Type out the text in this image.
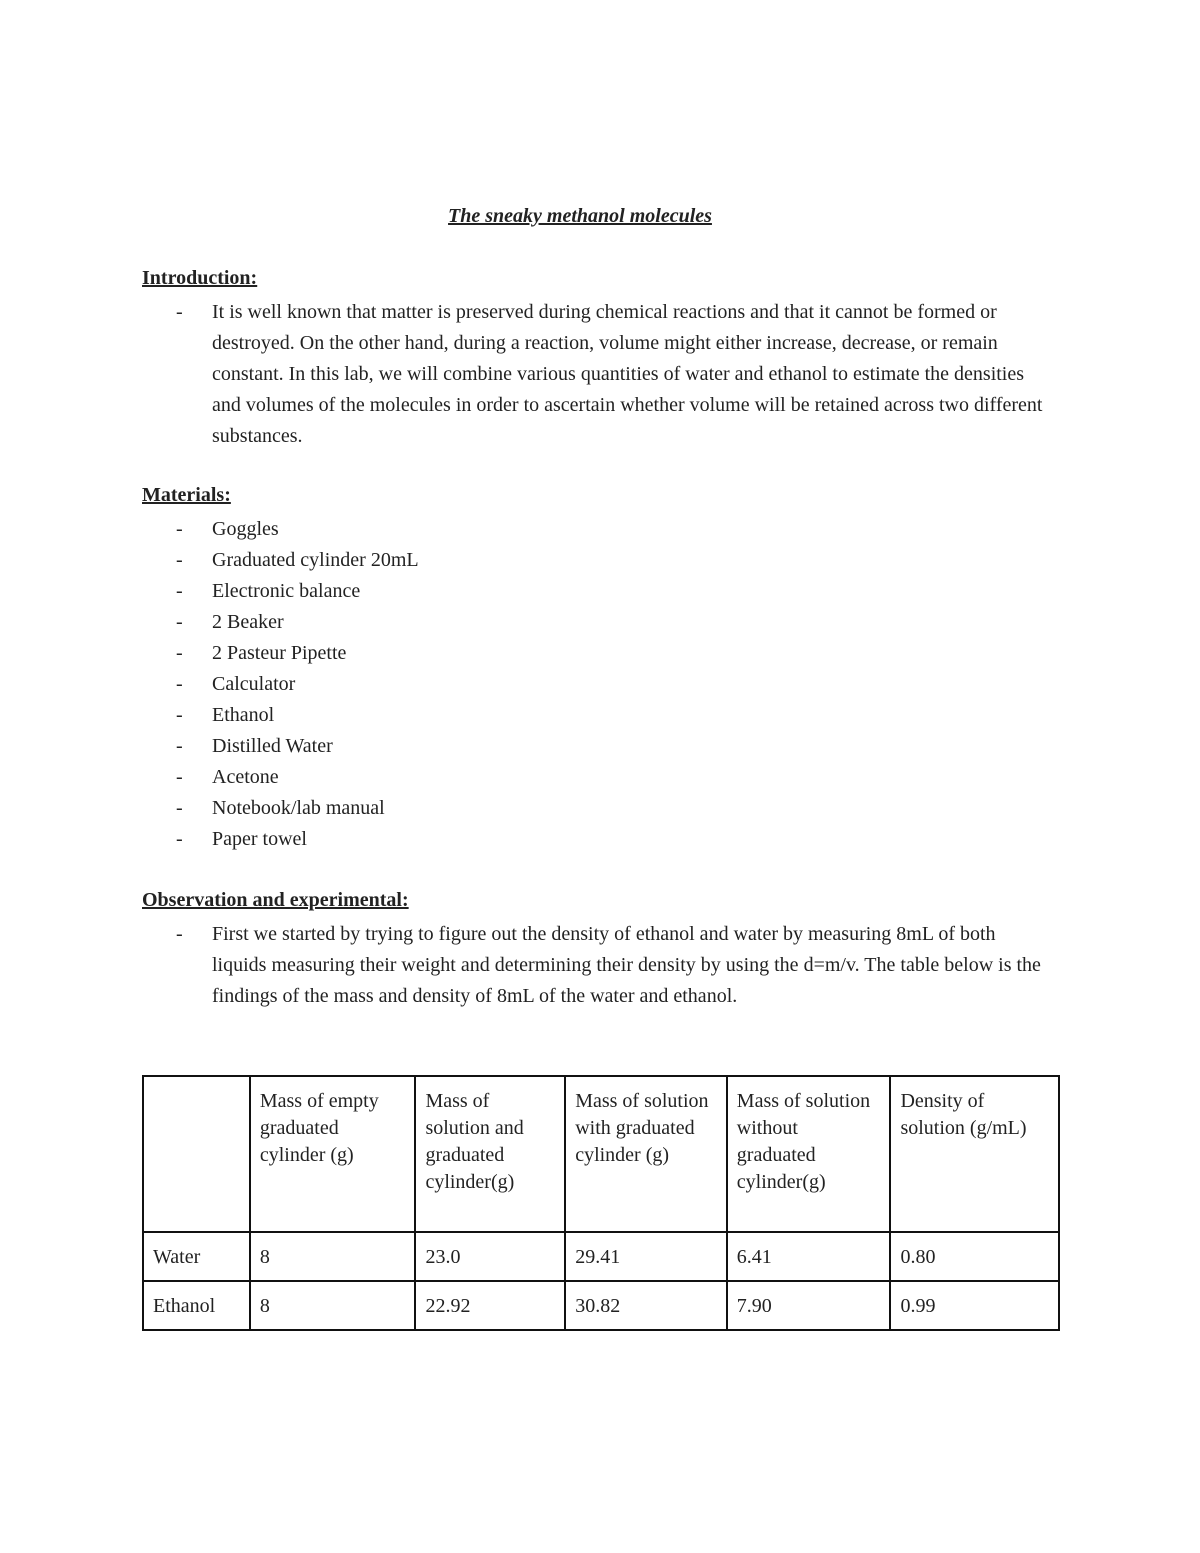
The sneaky methanol molecules
Introduction:
- It is well known that matter is preserved during chemical reactions and that it cannot be formed or destroyed. On the other hand, during a reaction, volume might either increase, decrease, or remain constant. In this lab, we will combine various quantities of water and ethanol to estimate the densities and volumes of the molecules in order to ascertain whether volume will be retained across two different substances.
Materials:
- Goggles
- Graduated cylinder 20mL
- Electronic balance
- 2 Beaker
- 2 Pasteur Pipette
- Calculator
- Ethanol
- Distilled Water
- Acetone
- Notebook/lab manual
- Paper towel
Observation and experimental:
- First we started by trying to figure out the density of ethanol and water by measuring 8mL of both liquids measuring their weight and determining their density by using the d=m/v. The table below is the findings of the mass and density of 8mL of the water and ethanol.
	Mass of empty graduated cylinder (g)	Mass of solution and graduated cylinder(g)	Mass of solution with graduated cylinder (g)	Mass of solution without graduated cylinder(g)	Density of solution (g/mL)
Water	8	23.0	29.41	6.41	0.80
Ethanol	8	22.92	30.82	7.90	0.99
